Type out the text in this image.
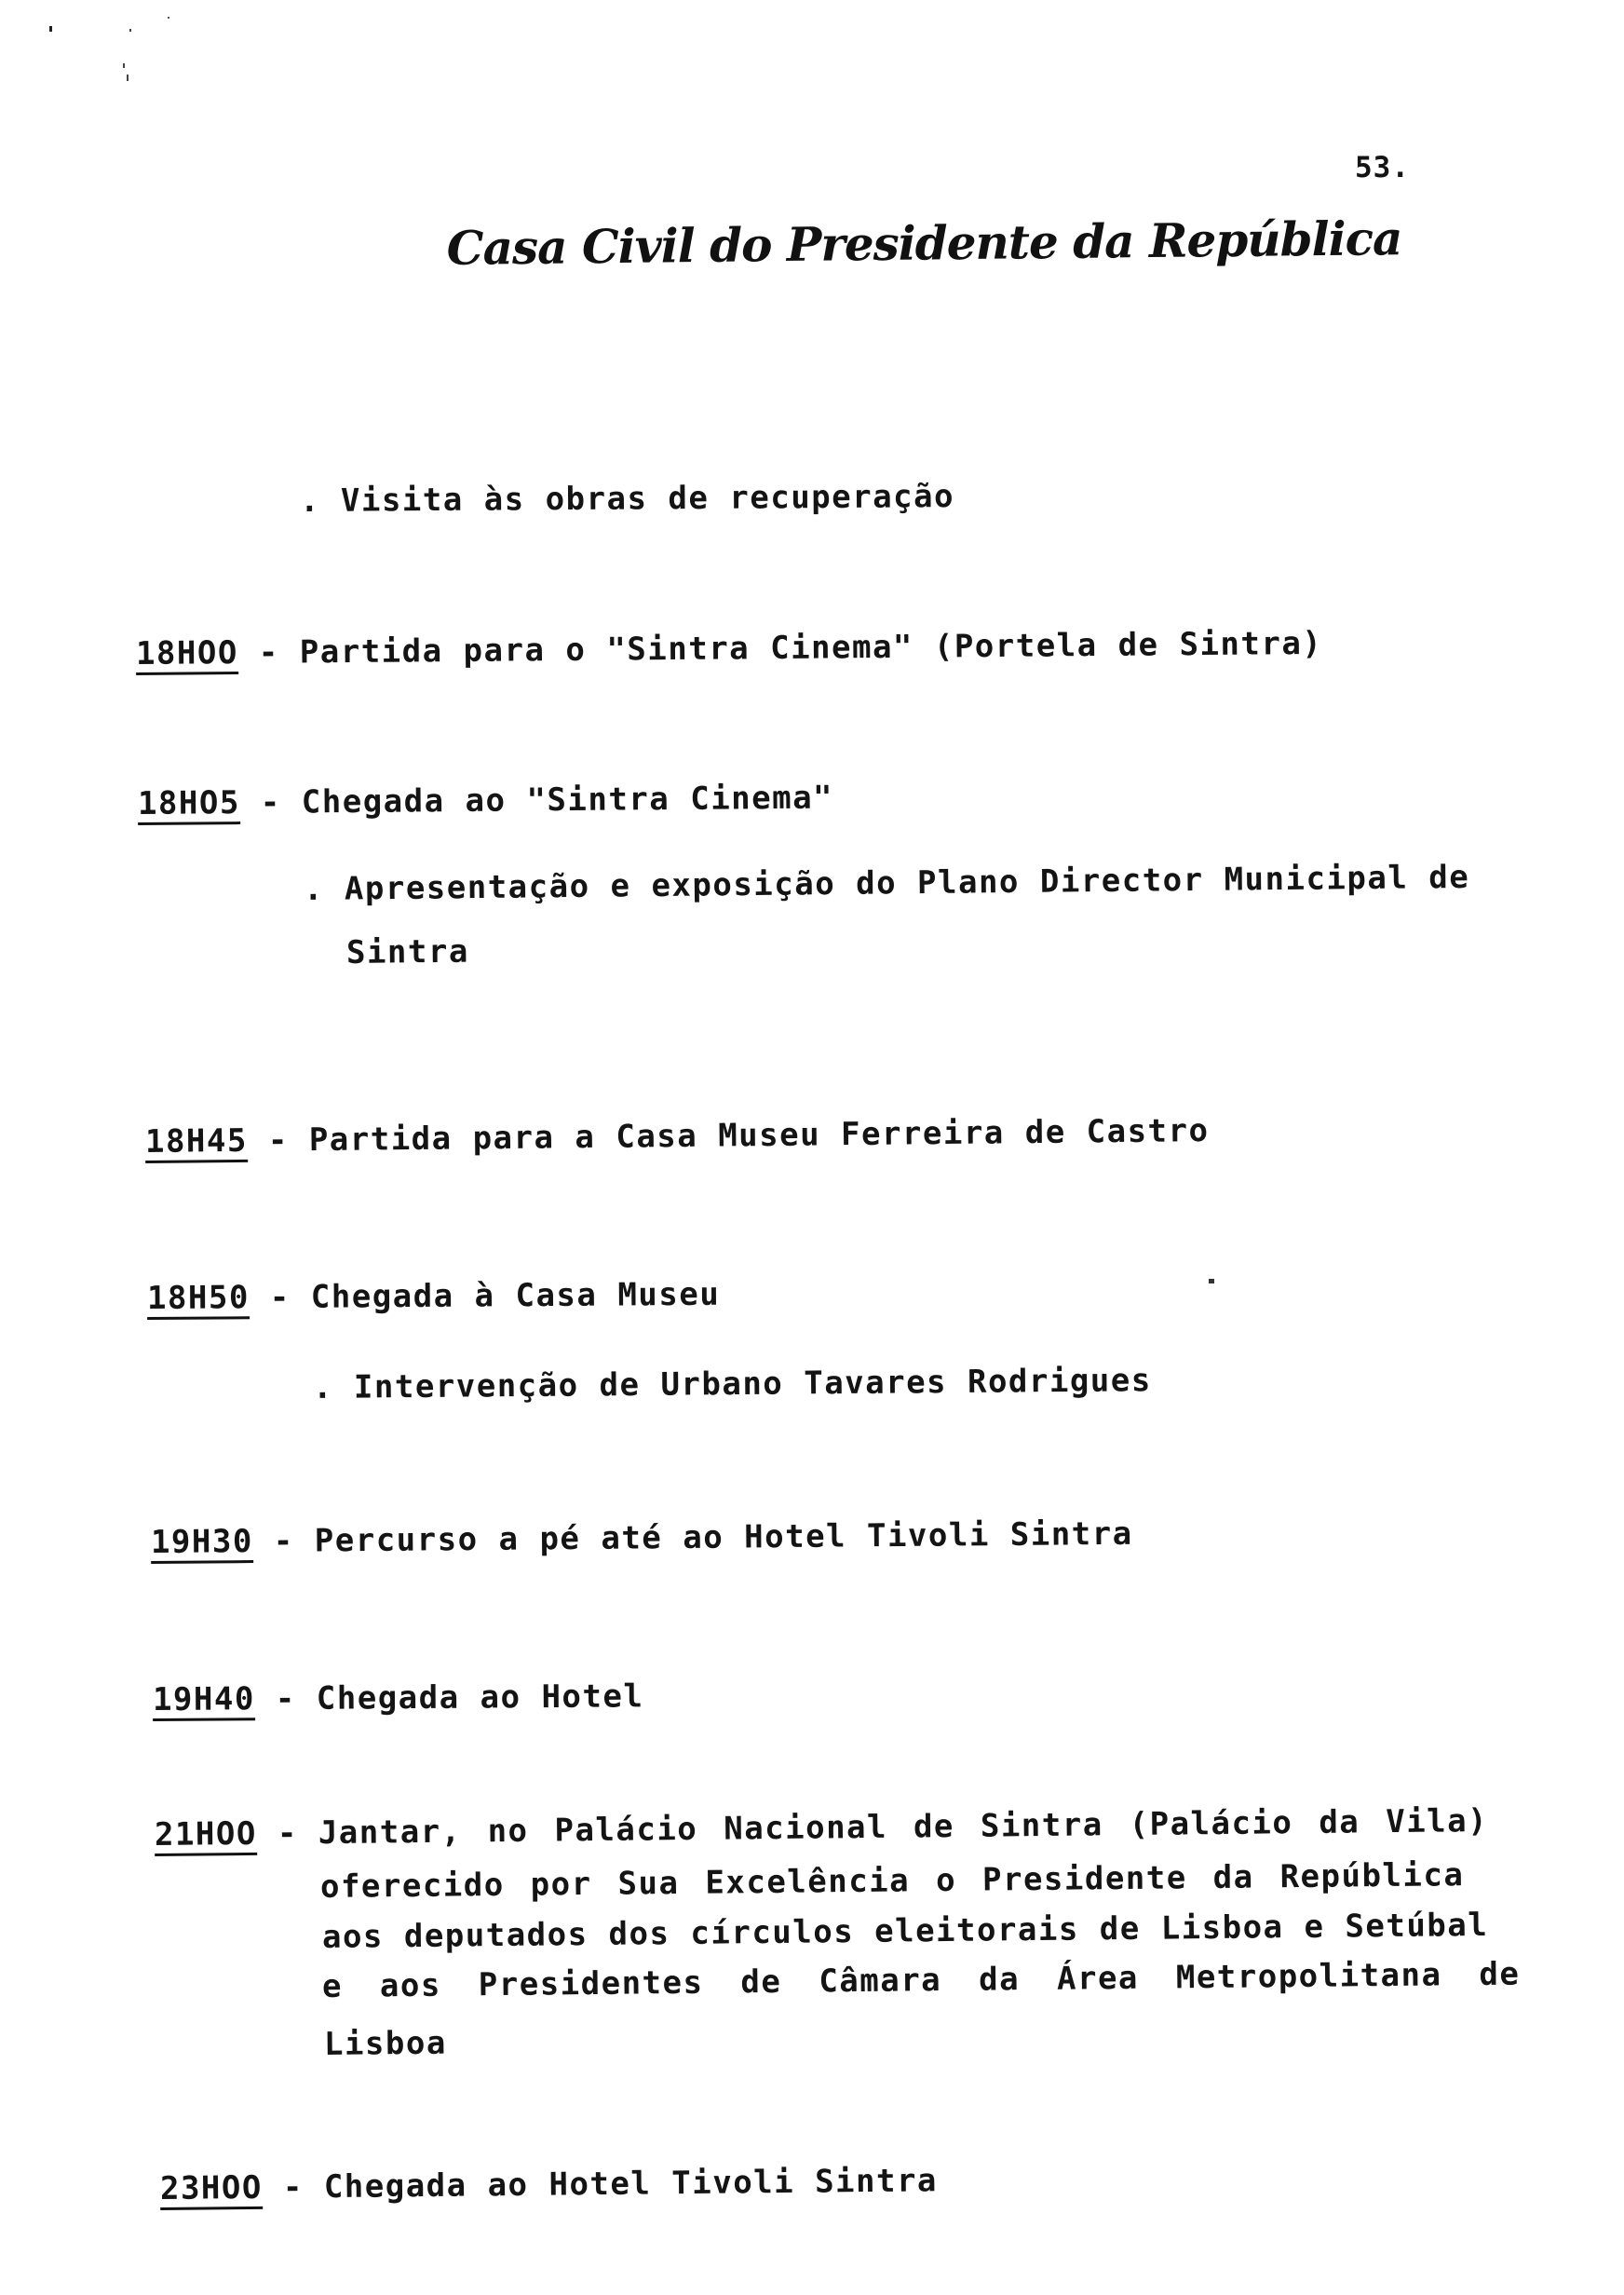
53.
Casa Civil do Presidente da República
. Visita às obras de recuperação
18HOO - Partida para o "Sintra Cinema" (Portela de Sintra)
18HO5 - Chegada ao "Sintra Cinema"
. Apresentação e exposição do Plano Director Municipal de
Sintra
18H45 - Partida para a Casa Museu Ferreira de Castro
18H50 - Chegada à Casa Museu
. Intervenção de Urbano Tavares Rodrigues
19H30 - Percurso a pé até ao Hotel Tivoli Sintra
19H40 - Chegada ao Hotel
21HOO - Jantar, no Palácio Nacional de Sintra (Palácio da Vila)
oferecido por Sua Excelência o Presidente da República
aos deputados dos círculos eleitorais de Lisboa e Setúbal
e aos Presidentes de Câmara da Área Metropolitana de
Lisboa
23HOO - Chegada ao Hotel Tivoli Sintra
